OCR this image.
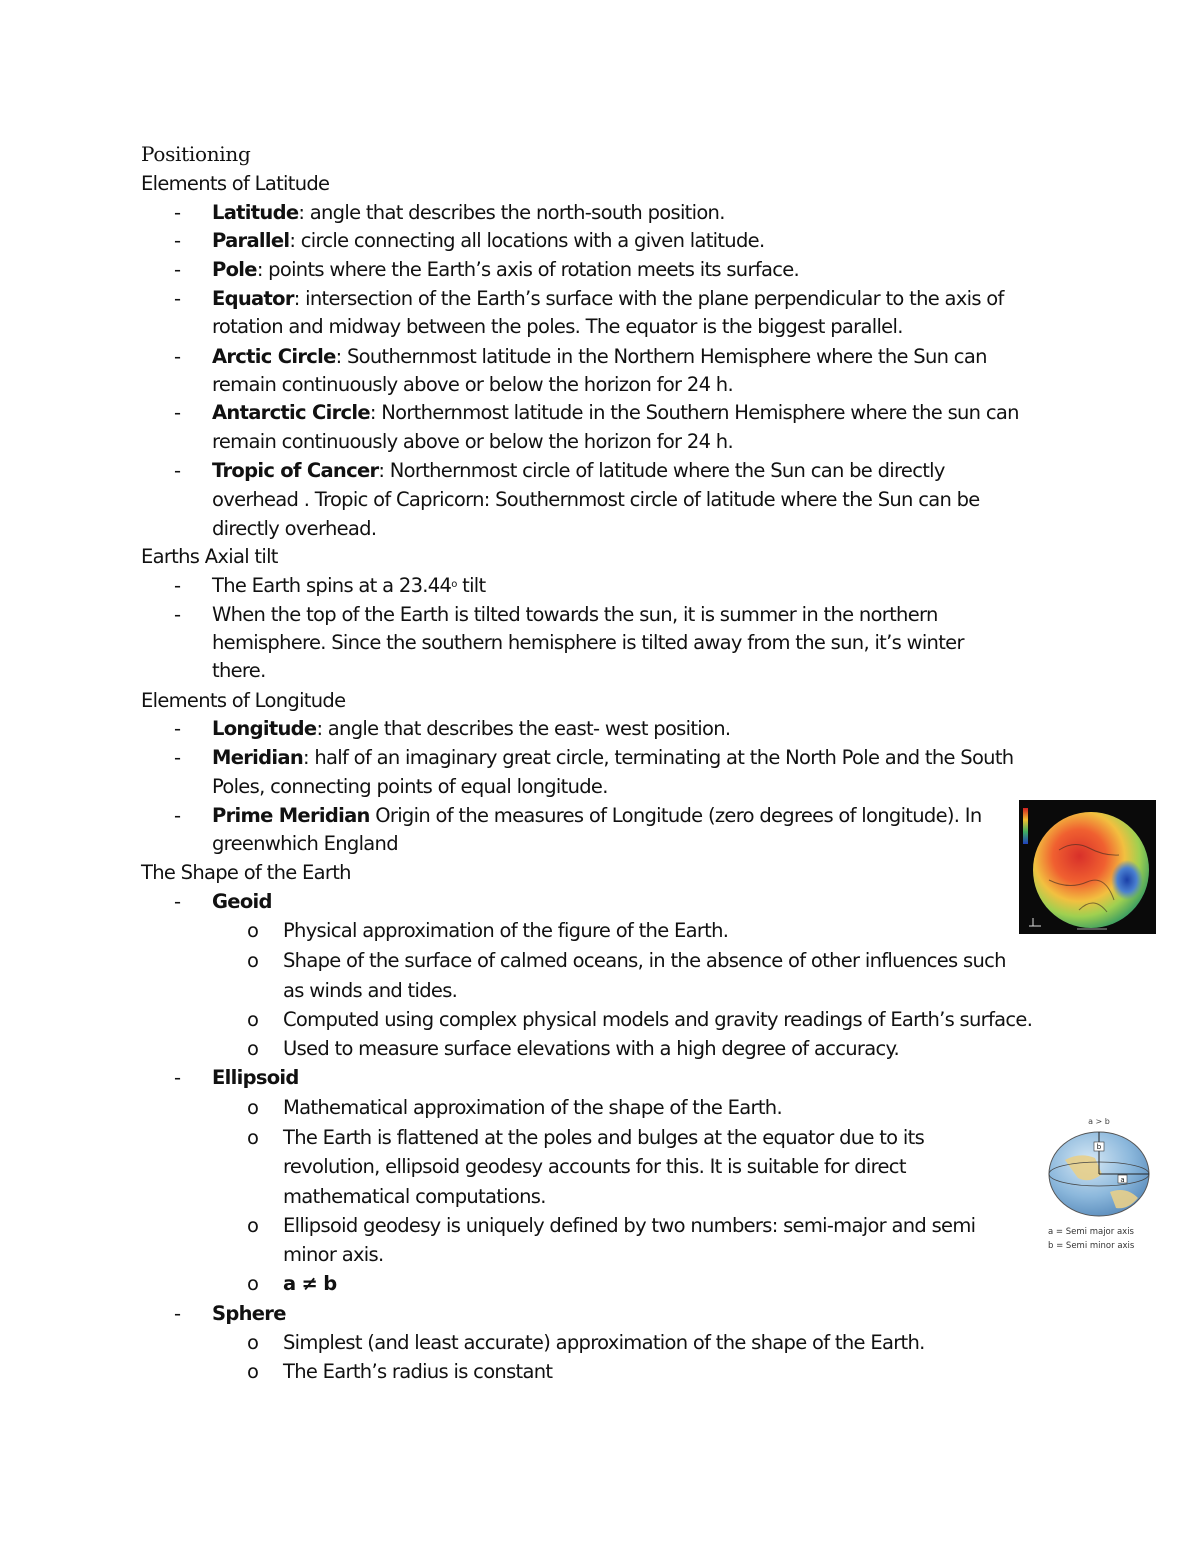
Positioning
Elements of Latitude
- Latitude: angle that describes the north-south position.
- Parallel: circle connecting all locations with a given latitude.
- Pole: points where the Earth’s axis of rotation meets its surface.
- Equator: intersection of the Earth’s surface with the plane perpendicular to the axis of
rotation and midway between the poles. The equator is the biggest parallel.
- Arctic Circle: Southernmost latitude in the Northern Hemisphere where the Sun can
remain continuously above or below the horizon for 24 h.
- Antarctic Circle: Northernmost latitude in the Southern Hemisphere where the sun can
remain continuously above or below the horizon for 24 h.
- Tropic of Cancer: Northernmost circle of latitude where the Sun can be directly
overhead . Tropic of Capricorn: Southernmost circle of latitude where the Sun can be
directly overhead.
Earths Axial tilt
- The Earth spins at a 23.44$^o$ tilt
- When the top of the Earth is tilted towards the sun, it is summer in the northern
hemisphere. Since the southern hemisphere is tilted away from the sun, it’s winter
there.
Elements of Longitude
- Longitude: angle that describes the east- west position.
- Meridian: half of an imaginary great circle, terminating at the North Pole and the South
Poles, connecting points of equal longitude.
- Prime Meridian Origin of the measures of Longitude (zero degrees of longitude). In
greenwhich England
The Shape of the Earth
- Geoid
o Physical approximation of the figure of the Earth.
o Shape of the surface of calmed oceans, in the absence of other influences such
as winds and tides.
o Computed using complex physical models and gravity readings of Earth’s surface.
o Used to measure surface elevations with a high degree of accuracy.
- Ellipsoid
o Mathematical approximation of the shape of the Earth.
o The Earth is flattened at the poles and bulges at the equator due to its
revolution, ellipsoid geodesy accounts for this. It is suitable for direct
mathematical computations.
o Ellipsoid geodesy is uniquely defined by two numbers: semi-major and semi
minor axis.
o a ≠ b
- Sphere
o Simplest (and least accurate) approximation of the shape of the Earth.
o The Earth’s radius is constant
a > b
b
a
a = Semi major axis
b = Semi minor axis
